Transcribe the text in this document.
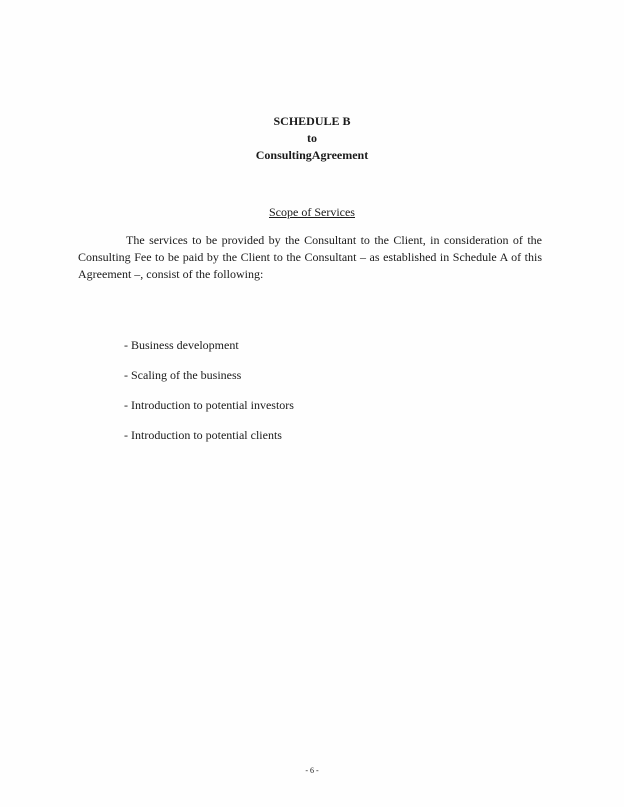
SCHEDULE B
to
ConsultingAgreement
Scope of Services
The services to be provided by the Consultant to the Client, in consideration of the Consulting Fee to be paid by the Client to the Consultant – as established in Schedule A of this Agreement –, consist of the following:
- Business development
- Scaling of the business
- Introduction to potential investors
- Introduction to potential clients
- 6 -
